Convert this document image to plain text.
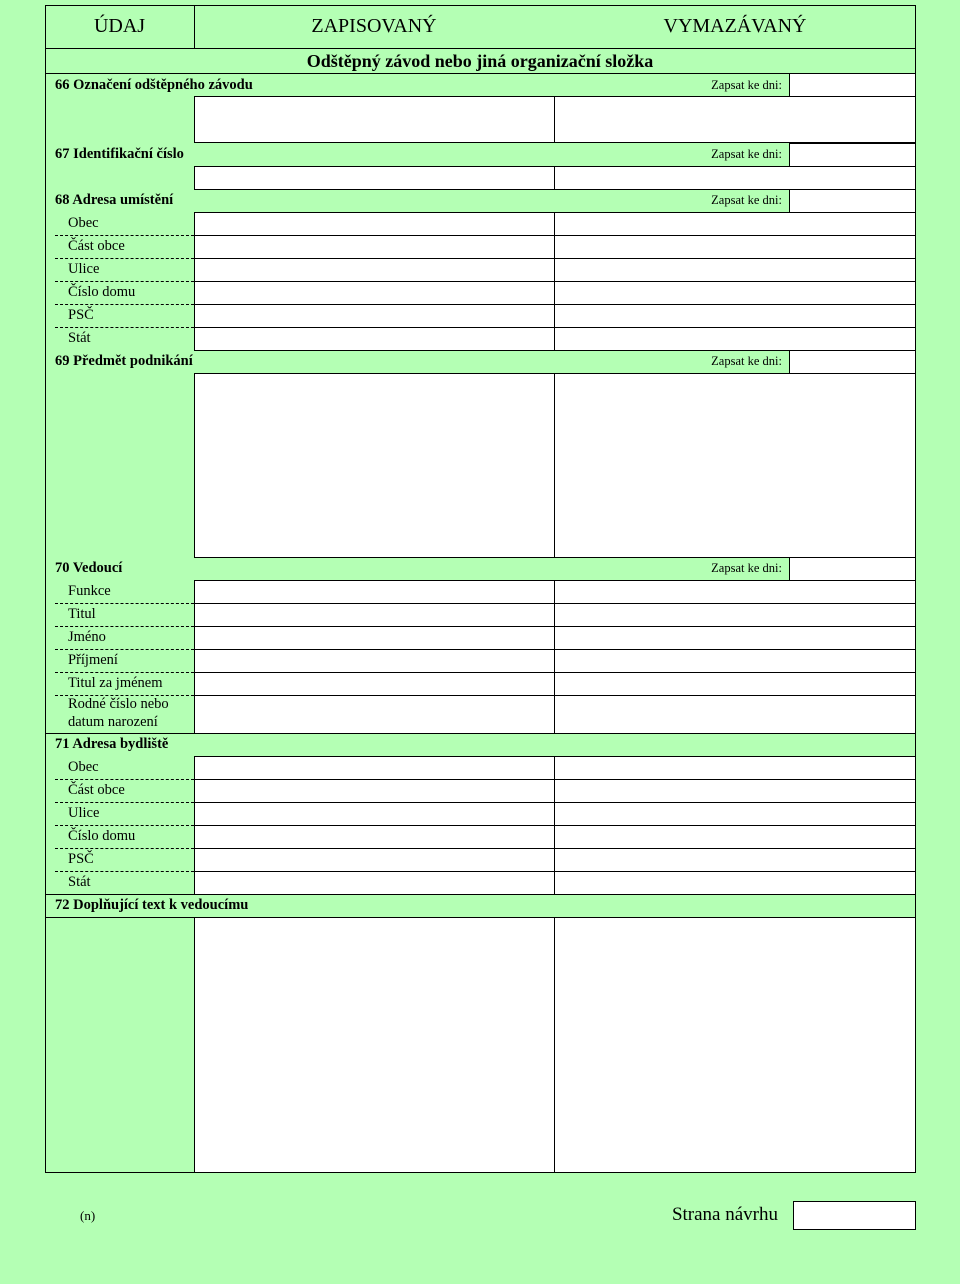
ÚDAJ	ZAPISOVANÝ	VYMAZÁVANÝ
Odštěpný závod nebo jiná organizační složka
66 Označení odštěpného závodu	Zapsat ke dni:
67 Identifikační číslo	Zapsat ke dni:
68 Adresa umístění	Zapsat ke dni:
Obec
Část obce
Ulice
Číslo domu
PSČ
Stát
69 Předmět podnikání	Zapsat ke dni:
70 Vedoucí	Zapsat ke dni:
Funkce
Titul
Jméno
Příjmení
Titul za jménem
Rodné číslo nebo
datum narození
71 Adresa bydliště
Obec
Část obce
Ulice
Číslo domu
PSČ
Stát
72 Doplňující text k vedoucímu
(n)	Strana návrhu
